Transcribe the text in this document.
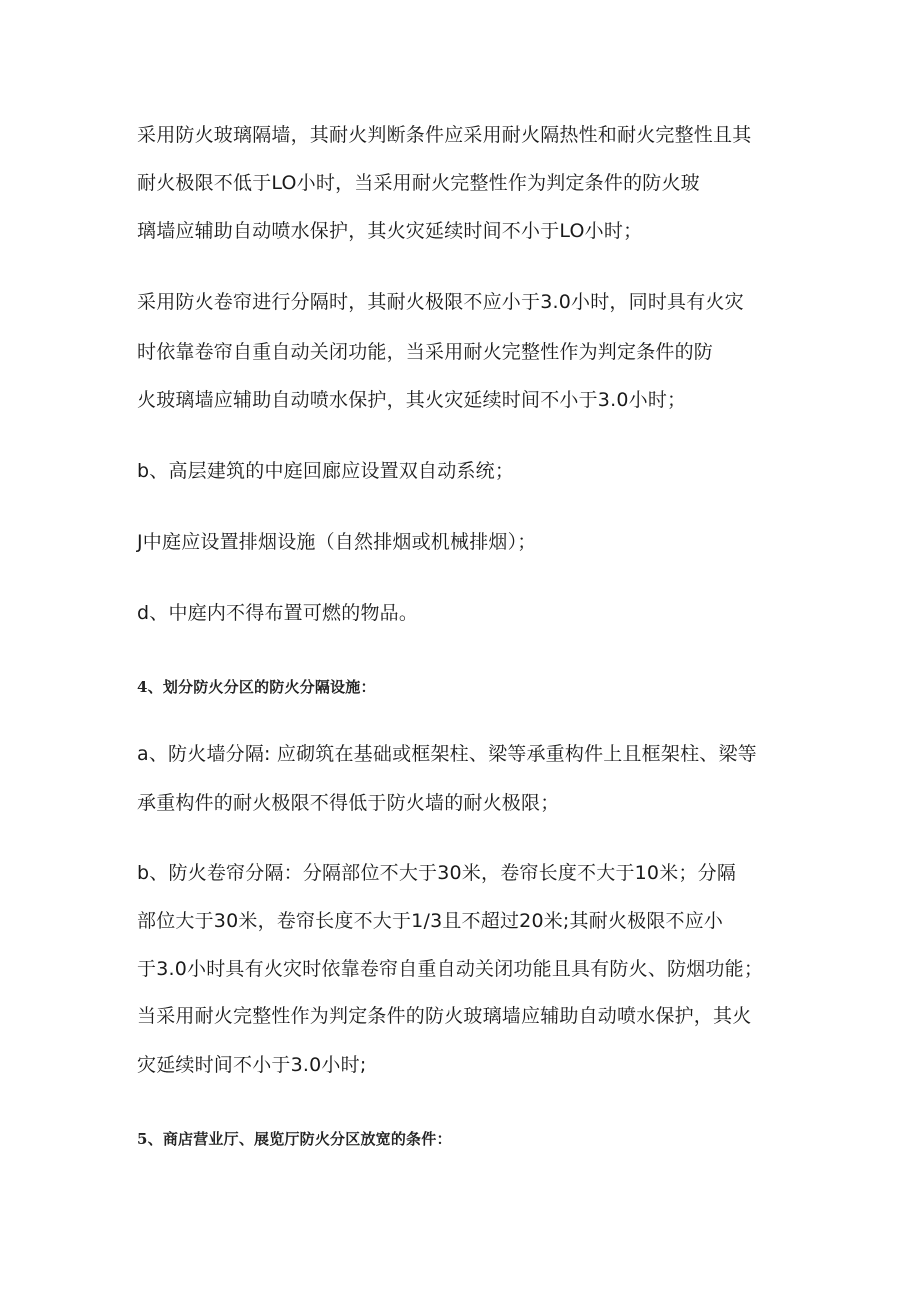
采用防火玻璃隔墙，其耐火判断条件应采用耐火隔热性和耐火完整性且其
耐火极限不低于LO小时，当采用耐火完整性作为判定条件的防火玻
璃墙应辅助自动喷水保护，其火灾延续时间不小于LO小时；
采用防火卷帘进行分隔时，其耐火极限不应小于3.0小时，同时具有火灾
时依靠卷帘自重自动关闭功能，当采用耐火完整性作为判定条件的防
火玻璃墙应辅助自动喷水保护，其火灾延续时间不小于3.0小时；
b、高层建筑的中庭回廊应设置双自动系统；
J中庭应设置排烟设施（自然排烟或机械排烟）；
d、中庭内不得布置可燃的物品。
4、划分防火分区的防火分隔设施：
a、防火墙分隔: 应砌筑在基础或框架柱、梁等承重构件上且框架柱、梁等
承重构件的耐火极限不得低于防火墙的耐火极限；
b、防火卷帘分隔：分隔部位不大于30米，卷帘长度不大于10米；分隔
部位大于30米，卷帘长度不大于1/3且不超过20米;其耐火极限不应小
于3.0小时具有火灾时依靠卷帘自重自动关闭功能且具有防火、防烟功能；
当采用耐火完整性作为判定条件的防火玻璃墙应辅助自动喷水保护，其火
灾延续时间不小于3.0小时;
5、商店营业厅、展览厅防火分区放宽的条件：
